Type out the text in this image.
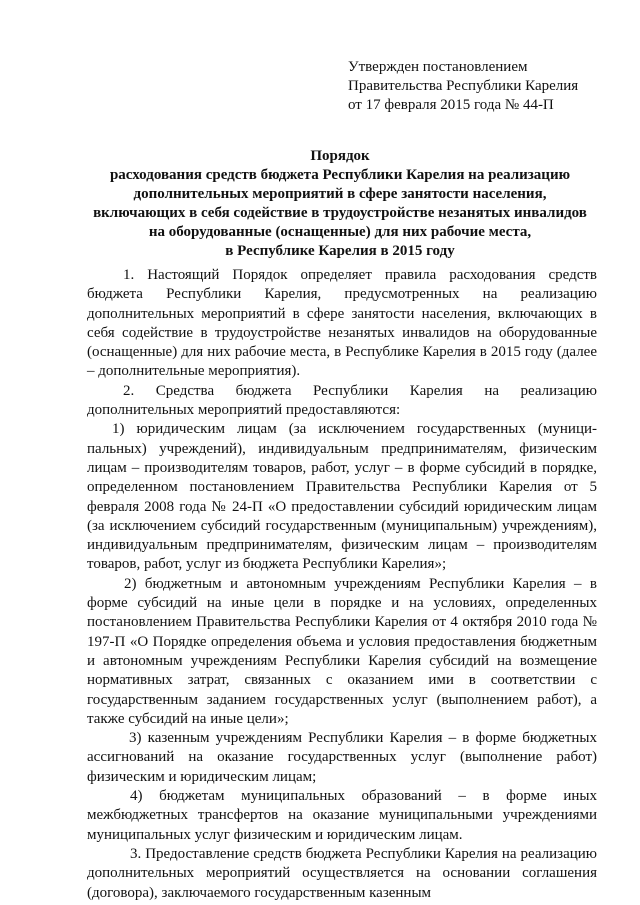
Утвержден постановлением
Правительства Республики Карелия
от 17 февраля 2015 года № 44-П
Порядок
расходования средств бюджета Республики Карелия на реализацию
дополнительных мероприятий в сфере занятости населения,
включающих в себя содействие в трудоустройстве незанятых инвалидов
на оборудованные (оснащенные) для них рабочие места,
в Республике Карелия в 2015 году

1. Настоящий Порядок определяет правила расходования средств бюджета Республики Карелия, предусмотренных на реализацию дополнительных мероприятий в сфере занятости населения, включающих в себя содействие в трудоустройстве незанятых инвалидов на оборудованные (оснащенные) для них рабочие места, в Республике Карелия в 2015 году (далее – дополнительные мероприятия).

2. Средства бюджета Республики Карелия на реализацию дополнительных мероприятий предоставляются:

1) юридическим лицам (за исключением государственных (муници-пальных) учреждений), индивидуальным предпринимателям, физическим лицам – производителям товаров, работ, услуг – в форме субсидий в порядке, определенном постановлением Правительства Республики Карелия от 5 февраля 2008 года № 24-П «О предоставлении субсидий юридическим лицам (за исключением субсидий государственным (муниципальным) учреждениям), индивидуальным предпринимателям, физическим лицам – производителям товаров, работ, услуг из бюджета Республики Карелия»;

2) бюджетным и автономным учреждениям Республики Карелия – в форме субсидий на иные цели в порядке и на условиях, определенных постановлением Правительства Республики Карелия от 4 октября 2010 года № 197-П «О Порядке определения объема и условия предоставления бюджетным и автономным учреждениям Республики Карелия субсидий на возмещение нормативных затрат, связанных с оказанием ими в соответствии с государственным заданием государственных услуг (выполнением работ), а также субсидий на иные цели»;

3) казенным учреждениям Республики Карелия – в форме бюджетных ассигнований на оказание государственных услуг (выполнение работ) физическим и юридическим лицам;

4) бюджетам муниципальных образований – в форме иных межбюджетных трансфертов на оказание муниципальными учреждениями муниципальных услуг физическим и юридическим лицам.

3. Предоставление средств бюджета Республики Карелия на реализацию дополнительных мероприятий осуществляется на основании соглашения (договора), заключаемого государственным казенным
